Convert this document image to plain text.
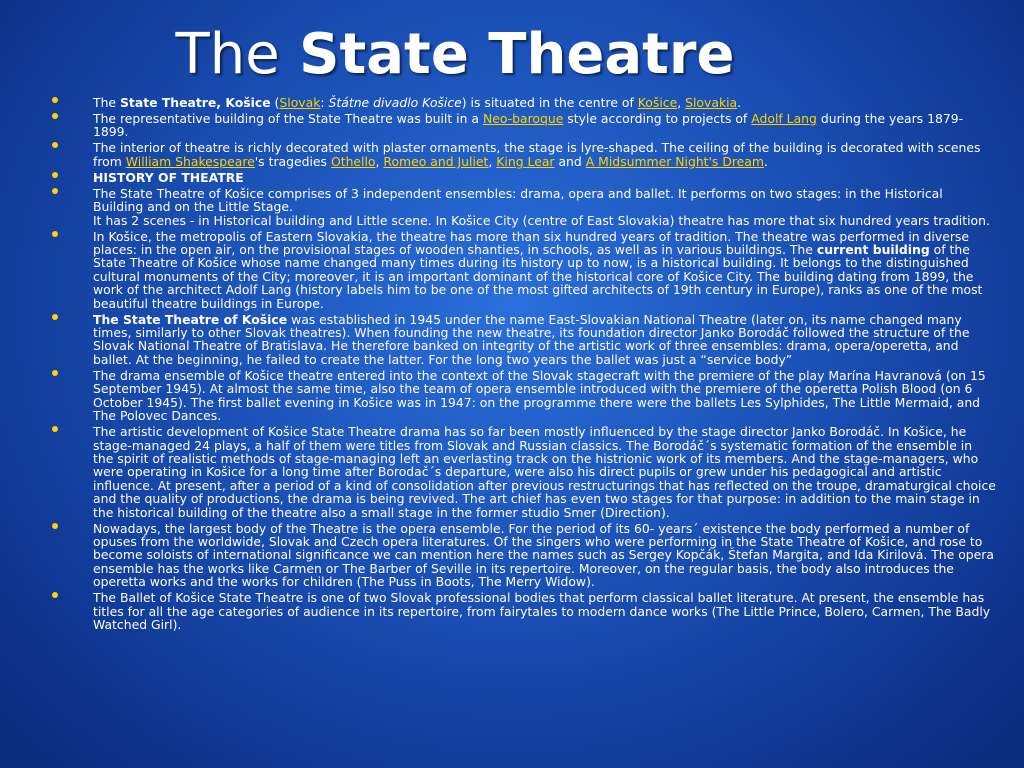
The State Theatre
The State Theatre, Košice (Slovak: Štátne divadlo Košice) is situated in the centre of Košice, Slovakia.
The representative building of the State Theatre was built in a Neo-baroque style according to projects of Adolf Lang during the years 1879-1899.
The interior of theatre is richly decorated with plaster ornaments, the stage is lyre-shaped. The ceiling of the building is decorated with scenes from William Shakespeare's tragedies Othello, Romeo and Juliet, King Lear and A Midsummer Night's Dream.
HISTORY OF THEATRE
The State Theatre of Košice comprises of 3 independent ensembles: drama, opera and ballet. It performs on two stages: in the Historical Building and on the Little Stage.
It has 2 scenes - in Historical building and Little scene. In Košice City (centre of East Slovakia) theatre has more that six hundred years tradition.
In Košice, the metropolis of Eastern Slovakia, the theatre has more than six hundred years of tradition. The theatre was performed in diverse places: in the open air, on the provisional stages of wooden shanties, in schools, as well as in various buildings. The current building of the State Theatre of Košice whose name changed many times during its history up to now, is a historical building. It belongs to the distinguished cultural monuments of the City; moreover, it is an important dominant of the historical core of Košice City. The building dating from 1899, the work of the architect Adolf Lang (history labels him to be one of the most gifted architects of 19th century in Europe), ranks as one of the most beautiful theatre buildings in Europe.
The State Theatre of Košice was established in 1945 under the name East-Slovakian National Theatre (later on, its name changed many times, similarly to other Slovak theatres). When founding the new theatre, its foundation director Janko Borodáč followed the structure of the Slovak National Theatre of Bratislava. He therefore banked on integrity of the artistic work of three ensembles: drama, opera/operetta, and ballet. At the beginning, he failed to create the latter. For the long two years the ballet was just a “service body”
The drama ensemble of Košice theatre entered into the context of the Slovak stagecraft with the premiere of the play Marína Havranová (on 15 September 1945). At almost the same time, also the team of opera ensemble introduced with the premiere of the operetta Polish Blood (on 6 October 1945). The first ballet evening in Košice was in 1947: on the programme there were the ballets Les Sylphides, The Little Mermaid, and The Polovec Dances.
The artistic development of Košice State Theatre drama has so far been mostly influenced by the stage director Janko Borodáč. In Košice, he stage-managed 24 plays, a half of them were titles from Slovak and Russian classics. The Borodáč´s systematic formation of the ensemble in the spirit of realistic methods of stage-managing left an everlasting track on the histrionic work of its members. And the stage-managers, who were operating in Košice for a long time after Borodač´s departure, were also his direct pupils or grew under his pedagogical and artistic influence. At present, after a period of a kind of consolidation after previous restructurings that has reflected on the troupe, dramaturgical choice and the quality of productions, the drama is being revived. The art chief has even two stages for that purpose: in addition to the main stage in the historical building of the theatre also a small stage in the former studio Smer (Direction).
Nowadays, the largest body of the Theatre is the opera ensemble. For the period of its 60- years´ existence the body performed a number of opuses from the worldwide, Slovak and Czech opera literatures. Of the singers who were performing in the State Theatre of Košice, and rose to become soloists of international significance we can mention here the names such as Sergey Kopčák, Štefan Margita, and Ida Kirilová. The opera ensemble has the works like Carmen or The Barber of Seville in its repertoire. Moreover, on the regular basis, the body also introduces the operetta works and the works for children (The Puss in Boots, The Merry Widow).
The Ballet of Košice State Theatre is one of two Slovak professional bodies that perform classical ballet literature. At present, the ensemble has titles for all the age categories of audience in its repertoire, from fairytales to modern dance works (The Little Prince, Bolero, Carmen, The Badly Watched Girl).
